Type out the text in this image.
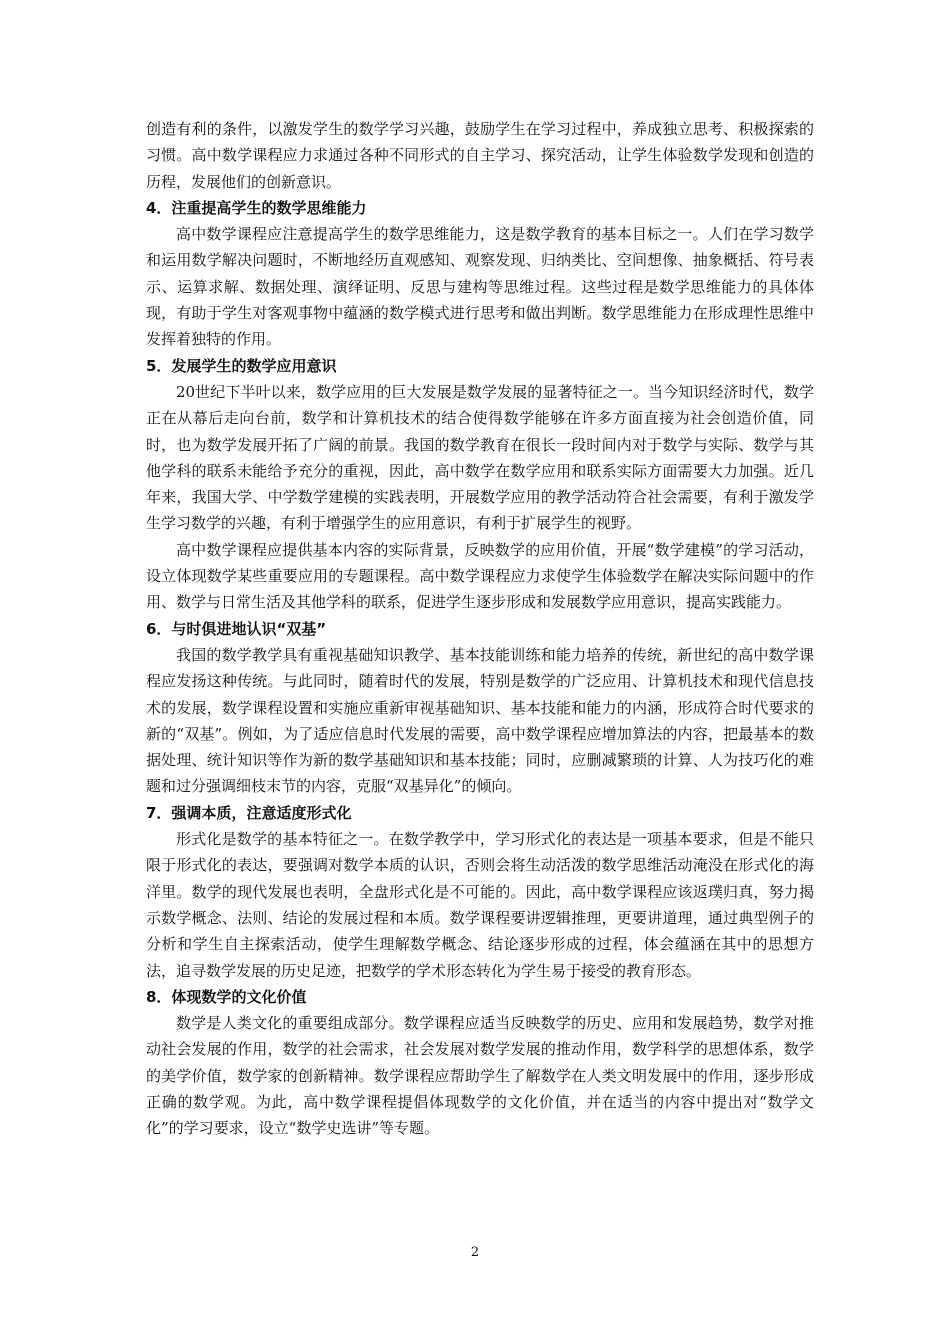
创造有利的条件，以激发学生的数学学习兴趣，鼓励学生在学习过程中，养成独立思考、积极探索的习惯。高中数学课程应力求通过各种不同形式的自主学习、探究活动，让学生体验数学发现和创造的历程，发展他们的创新意识。

4．注重提高学生的数学思维能力

高中数学课程应注意提高学生的数学思维能力，这是数学教育的基本目标之一。人们在学习数学和运用数学解决问题时，不断地经历直观感知、观察发现、归纳类比、空间想像、抽象概括、符号表示、运算求解、数据处理、演绎证明、反思与建构等思维过程。这些过程是数学思维能力的具体体现，有助于学生对客观事物中蕴涵的数学模式进行思考和做出判断。数学思维能力在形成理性思维中发挥着独特的作用。

5．发展学生的数学应用意识

20世纪下半叶以来，数学应用的巨大发展是数学发展的显著特征之一。当今知识经济时代，数学正在从幕后走向台前，数学和计算机技术的结合使得数学能够在许多方面直接为社会创造价值，同时，也为数学发展开拓了广阔的前景。我国的数学教育在很长一段时间内对于数学与实际、数学与其他学科的联系未能给予充分的重视，因此，高中数学在数学应用和联系实际方面需要大力加强。近几年来，我国大学、中学数学建模的实践表明，开展数学应用的教学活动符合社会需要，有利于激发学生学习数学的兴趣，有利于增强学生的应用意识，有利于扩展学生的视野。

高中数学课程应提供基本内容的实际背景，反映数学的应用价值，开展“数学建模”的学习活动，设立体现数学某些重要应用的专题课程。高中数学课程应力求使学生体验数学在解决实际问题中的作用、数学与日常生活及其他学科的联系，促进学生逐步形成和发展数学应用意识，提高实践能力。

6．与时俱进地认识“双基”

我国的数学教学具有重视基础知识教学、基本技能训练和能力培养的传统，新世纪的高中数学课程应发扬这种传统。与此同时，随着时代的发展，特别是数学的广泛应用、计算机技术和现代信息技术的发展，数学课程设置和实施应重新审视基础知识、基本技能和能力的内涵，形成符合时代要求的新的“双基”。例如，为了适应信息时代发展的需要，高中数学课程应增加算法的内容，把最基本的数据处理、统计知识等作为新的数学基础知识和基本技能；同时，应删减繁琐的计算、人为技巧化的难题和过分强调细枝末节的内容，克服“双基异化”的倾向。

7．强调本质，注意适度形式化

形式化是数学的基本特征之一。在数学教学中，学习形式化的表达是一项基本要求，但是不能只限于形式化的表达，要强调对数学本质的认识，否则会将生动活泼的数学思维活动淹没在形式化的海洋里。数学的现代发展也表明，全盘形式化是不可能的。因此，高中数学课程应该返璞归真，努力揭示数学概念、法则、结论的发展过程和本质。数学课程要讲逻辑推理，更要讲道理，通过典型例子的分析和学生自主探索活动，使学生理解数学概念、结论逐步形成的过程，体会蕴涵在其中的思想方法，追寻数学发展的历史足迹，把数学的学术形态转化为学生易于接受的教育形态。

8．体现数学的文化价值

数学是人类文化的重要组成部分。数学课程应适当反映数学的历史、应用和发展趋势，数学对推动社会发展的作用，数学的社会需求，社会发展对数学发展的推动作用，数学科学的思想体系，数学的美学价值，数学家的创新精神。数学课程应帮助学生了解数学在人类文明发展中的作用，逐步形成正确的数学观。为此，高中数学课程提倡体现数学的文化价值，并在适当的内容中提出对“数学文化”的学习要求，设立“数学史选讲”等专题。

2
